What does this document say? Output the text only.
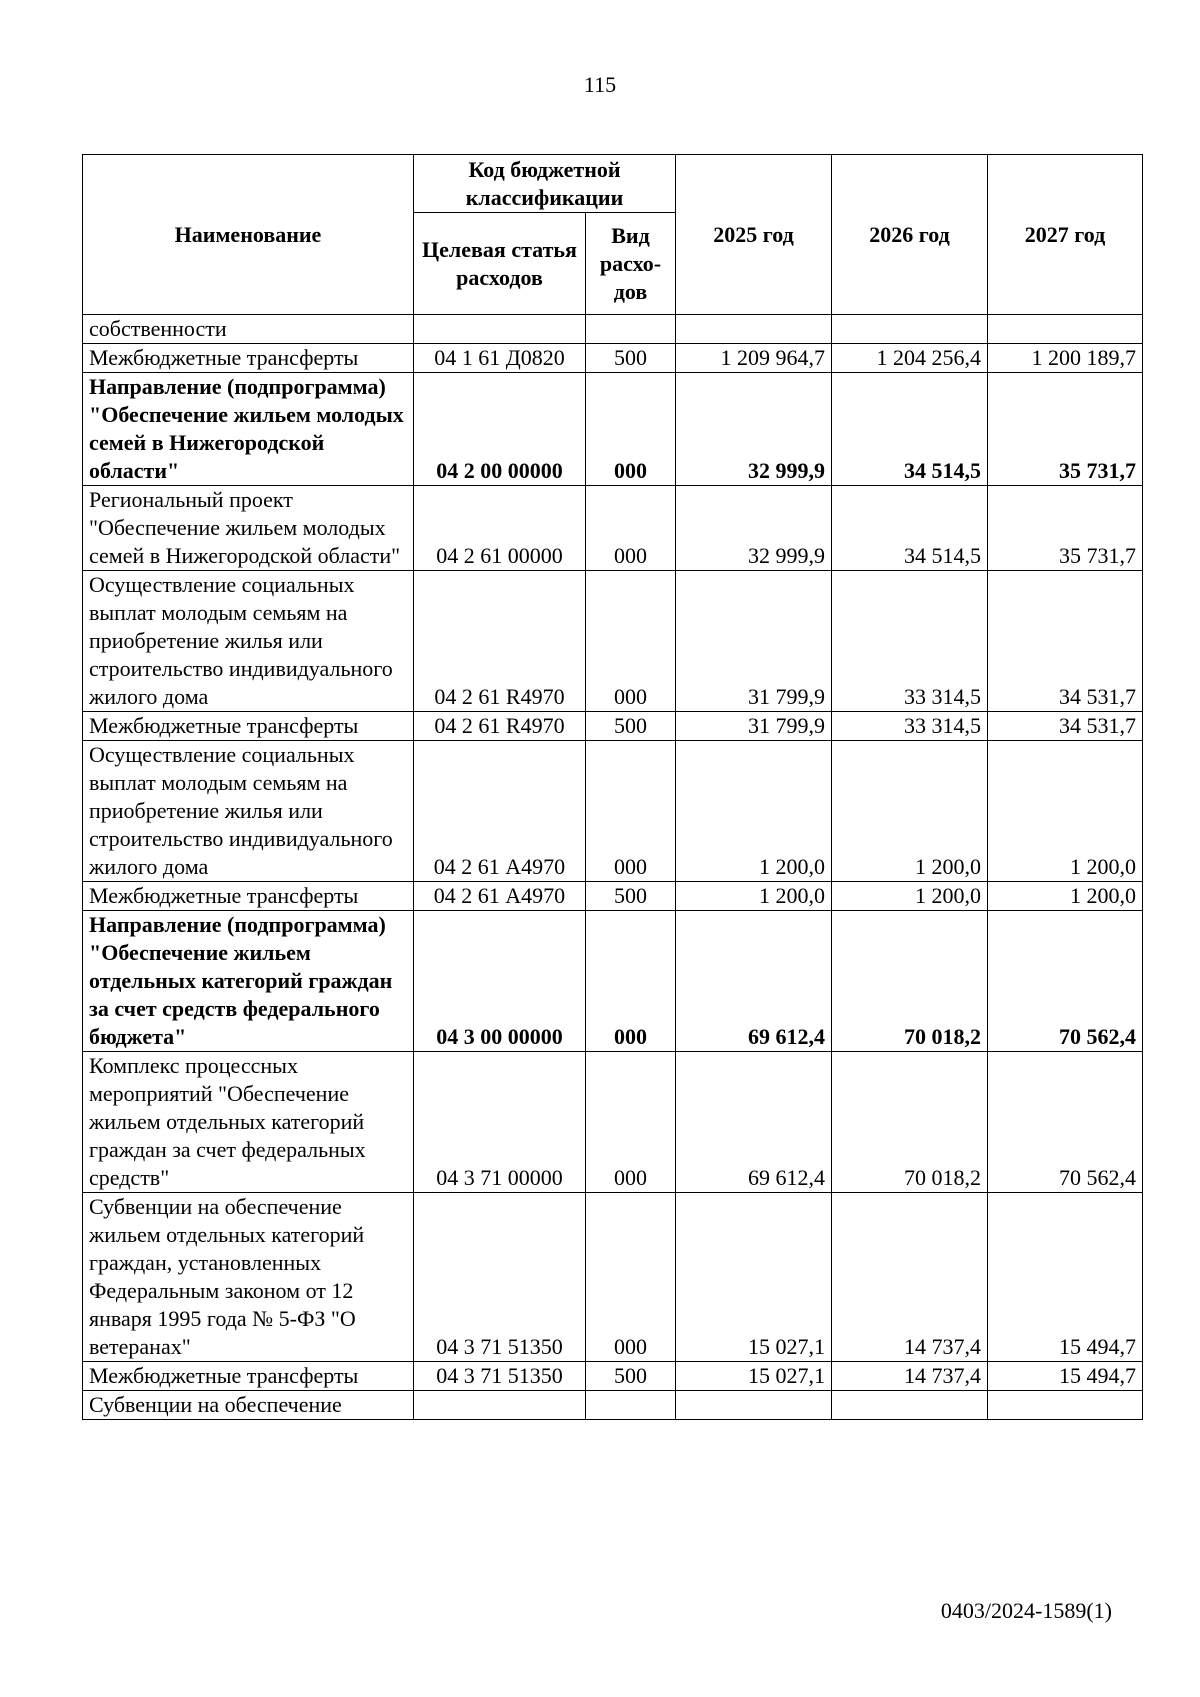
115
Наименование	Код бюджетной классификации		2025 год	2026 год	2027 год
	Целевая статья расходов	Вид расхо-дов			
собственности					
Межбюджетные трансферты	04 1 61 Д0820	500	1 209 964,7	1 204 256,4	1 200 189,7
Направление (подпрограмма) "Обеспечение жильем молодых семей в Нижегородской области"	04 2 00 00000	000	32 999,9	34 514,5	35 731,7
Региональный проект "Обеспечение жильем молодых семей в Нижегородской области"	04 2 61 00000	000	32 999,9	34 514,5	35 731,7
Осуществление социальных выплат молодым семьям на приобретение жилья или строительство индивидуального жилого дома	04 2 61 R4970	000	31 799,9	33 314,5	34 531,7
Межбюджетные трансферты	04 2 61 R4970	500	31 799,9	33 314,5	34 531,7
Осуществление социальных выплат молодым семьям на приобретение жилья или строительство индивидуального жилого дома	04 2 61 А4970	000	1 200,0	1 200,0	1 200,0
Межбюджетные трансферты	04 2 61 А4970	500	1 200,0	1 200,0	1 200,0
Направление (подпрограмма) "Обеспечение жильем отдельных категорий граждан за счет средств федерального бюджета"	04 3 00 00000	000	69 612,4	70 018,2	70 562,4
Комплекс процессных мероприятий "Обеспечение жильем отдельных категорий граждан за счет федеральных средств"	04 3 71 00000	000	69 612,4	70 018,2	70 562,4
Субвенции на обеспечение жильем отдельных категорий граждан, установленных Федеральным законом от 12 января 1995 года № 5-ФЗ "О ветеранах"	04 3 71 51350	000	15 027,1	14 737,4	15 494,7
Межбюджетные трансферты	04 3 71 51350	500	15 027,1	14 737,4	15 494,7
Субвенции на обеспечение					
0403/2024-1589(1)
